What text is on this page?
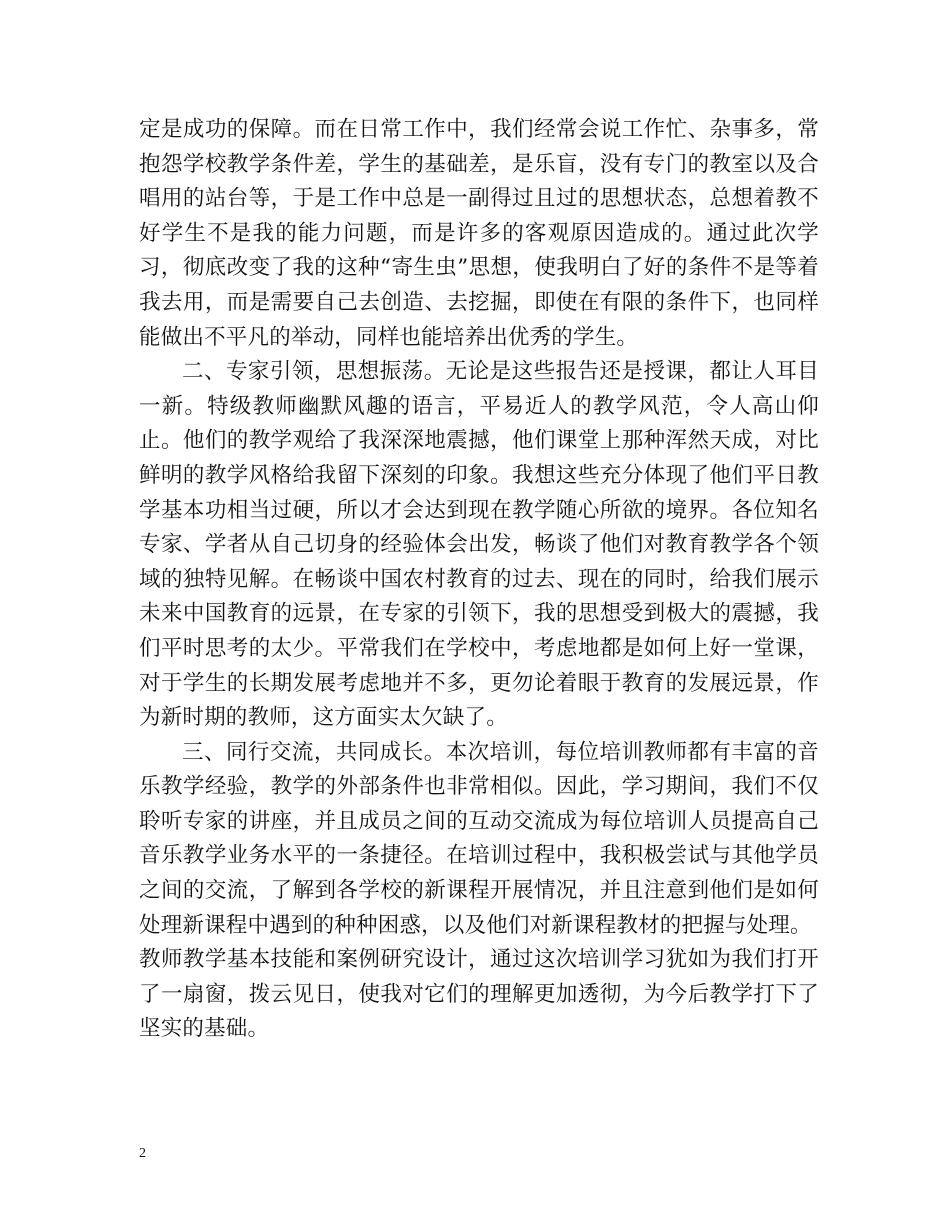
定是成功的保障。而在日常工作中，我们经常会说工作忙、杂事多，常抱怨学校教学条件差，学生的基础差，是乐盲，没有专门的教室以及合唱用的站台等，于是工作中总是一副得过且过的思想状态，总想着教不好学生不是我的能力问题，而是许多的客观原因造成的。通过此次学习，彻底改变了我的这种“寄生虫”思想，使我明白了好的条件不是等着我去用，而是需要自己去创造、去挖掘，即使在有限的条件下，也同样能做出不平凡的举动，同样也能培养出优秀的学生。

二、专家引领，思想振荡。无论是这些报告还是授课，都让人耳目一新。特级教师幽默风趣的语言，平易近人的教学风范，令人高山仰止。他们的教学观给了我深深地震撼，他们课堂上那种浑然天成，对比鲜明的教学风格给我留下深刻的印象。我想这些充分体现了他们平日教学基本功相当过硬，所以才会达到现在教学随心所欲的境界。各位知名专家、学者从自己切身的经验体会出发，畅谈了他们对教育教学各个领域的独特见解。在畅谈中国农村教育的过去、现在的同时，给我们展示未来中国教育的远景，在专家的引领下，我的思想受到极大的震撼，我们平时思考的太少。平常我们在学校中，考虑地都是如何上好一堂课，对于学生的长期发展考虑地并不多，更勿论着眼于教育的发展远景，作为新时期的教师，这方面实太欠缺了。

三、同行交流，共同成长。本次培训，每位培训教师都有丰富的音乐教学经验，教学的外部条件也非常相似。因此，学习期间，我们不仅聆听专家的讲座，并且成员之间的互动交流成为每位培训人员提高自己音乐教学业务水平的一条捷径。在培训过程中，我积极尝试与其他学员之间的交流，了解到各学校的新课程开展情况，并且注意到他们是如何处理新课程中遇到的种种困惑，以及他们对新课程教材的把握与处理。

教师教学基本技能和案例研究设计，通过这次培训学习犹如为我们打开了一扇窗，拨云见日，使我对它们的理解更加透彻，为今后教学打下了坚实的基础。

2
